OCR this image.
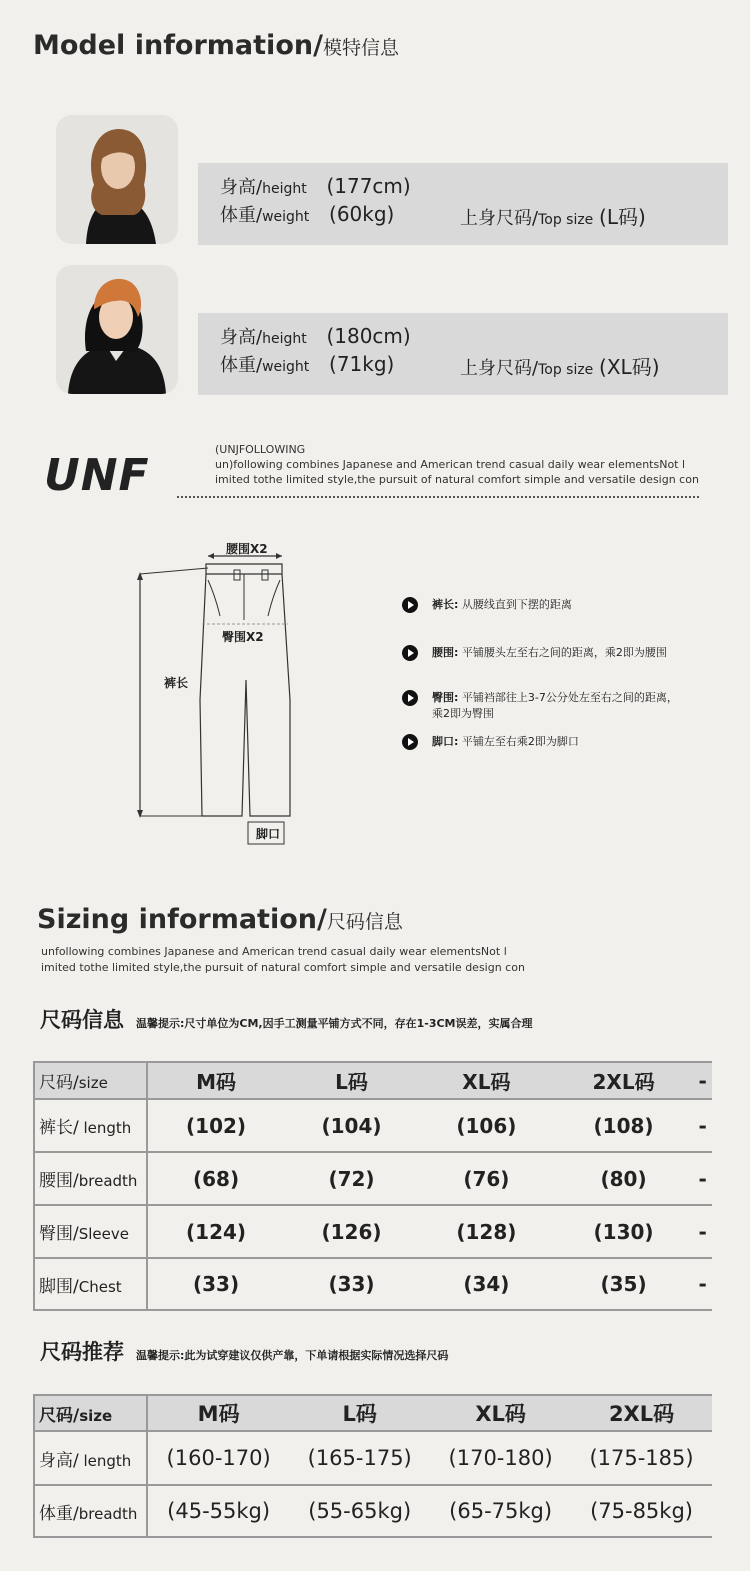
Model information/模特信息
身高/height (177cm)
体重/weight (60kg)	上身尺码/Top size (L码)
身高/height (180cm)
体重/weight (71kg)	上身尺码/Top size (XL码)
UNF
(UNJFOLLOWING
un)following combines Japanese and American trend casual daily wear elementsNot l
imited tothe limited style,the pursuit of natural comfort simple and versatile design con
腰围X2
臀围X2
裤长
脚口
裤长: 从腰线直到下摆的距离
腰围: 平铺腰头左至右之间的距离，乘2即为腰围
臀围: 平铺裆部往上3-7公分处左至右之间的距离，
乘2即为臀围
脚口: 平铺左至右乘2即为脚口
Sizing information/尺码信息
unfollowing combines Japanese and American trend casual daily wear elementsNot l
imited tothe limited style,the pursuit of natural comfort simple and versatile design con
尺码信息 温馨提示:尺寸单位为CM,因手工测量平铺方式不同，存在1-3CM误差，实属合理
尺码/size	M码	L码	XL码	2XL码	-
裤长/ length	(102)	(104)	(106)	(108)	-
腰围/breadth	(68)	(72)	(76)	(80)	-
臀围/Sleeve	(124)	(126)	(128)	(130)	-
脚围/Chest	(33)	(33)	(34)	(35)	-
尺码推荐 温馨提示:此为试穿建议仅供产靠，下单请根据实际情况选择尺码
尺码/size	M码	L码	XL码	2XL码
身高/ length	(160-170)	(165-175)	(170-180)	(175-185)
体重/breadth	(45-55kg)	(55-65kg)	(65-75kg)	(75-85kg)
